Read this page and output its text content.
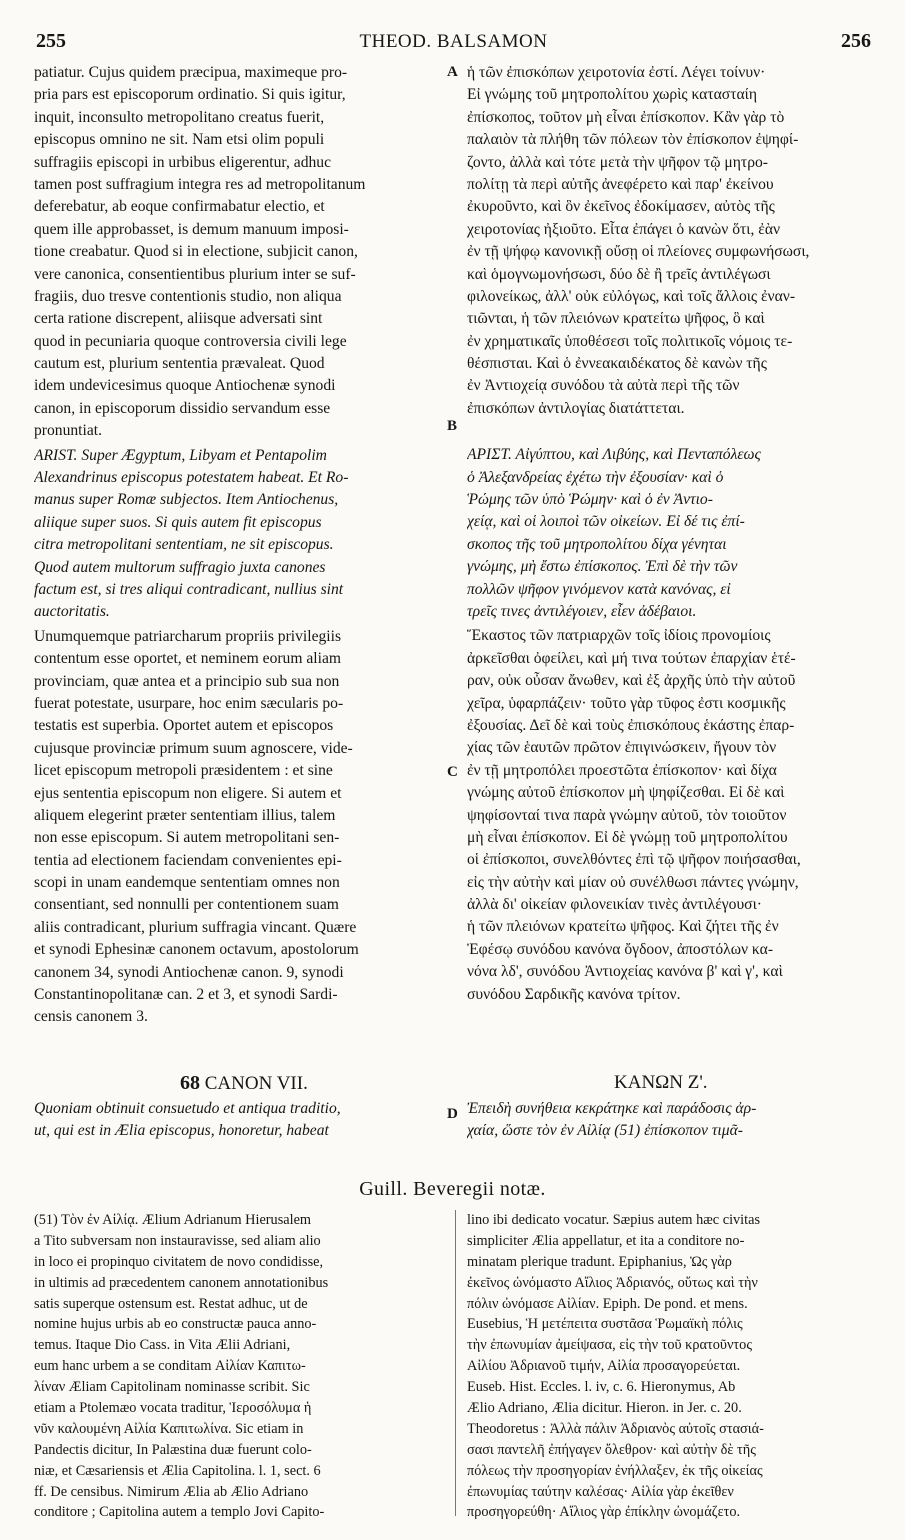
255	THEOD. BALSAMON	256
A
B
C
D
patiatur. Cujus quidem præcipua, maximeque pro-
pria pars est episcoporum ordinatio. Si quis igitur,
inquit, inconsulto metropolitano creatus fuerit,
episcopus omnino ne sit. Nam etsi olim populi
suffragiis episcopi in urbibus eligerentur, adhuc
tamen post suffragium integra res ad metropolitanum
deferebatur, ab eoque confirmabatur electio, et
quem ille approbasset, is demum manuum imposi-
tione creabatur. Quod si in electione, subjicit canon,
vere canonica, consentientibus plurium inter se suf-
fragiis, duo tresve contentionis studio, non aliqua
certa ratione discrepent, aliisque adversati sint
quod in pecuniaria quoque controversia civili lege
cautum est, plurium sententia prævaleat. Quod
idem undevicesimus quoque Antiochenæ synodi
canon, in episcoporum dissidio servandum esse
pronuntiat.
ARIST. Super Ægyptum, Libyam et Pentapolim
Alexandrinus episcopus potestatem habeat. Et Ro-
manus super Romæ subjectos. Item Antiochenus,
aliique super suos. Si quis autem fit episcopus
citra metropolitani sententiam, ne sit episcopus.
Quod autem multorum suffragio juxta canones
factum est, si tres aliqui contradicant, nullius sint
auctoritatis.
Unumquemque patriarcharum propriis privilegiis
contentum esse oportet, et neminem eorum aliam
provinciam, quæ antea et a principio sub sua non
fuerat potestate, usurpare, hoc enim sæcularis po-
testatis est superbia. Oportet autem et episcopos
cujusque provinciæ primum suum agnoscere, vide-
licet episcopum metropoli præsidentem : et sine
ejus sententia episcopum non eligere. Si autem et
aliquem elegerint præter sententiam illius, talem
non esse episcopum. Si autem metropolitani sen-
tentia ad electionem faciendam convenientes epi-
scopi in unam eandemque sententiam omnes non
consentiant, sed nonnulli per contentionem suam
aliis contradicant, plurium suffragia vincant. Quære
et synodi Ephesinæ canonem octavum, apostolorum
canonem 34, synodi Antiochenæ canon. 9, synodi
Constantinopolitanæ can. 2 et 3, et synodi Sardi-
censis canonem 3.
68 CANON VII.
Quoniam obtinuit consuetudo et antiqua traditio,
ut, qui est in Ælia episcopus, honoretur, habeat
ἡ τῶν ἐπισκόπων χειροτονία ἐστί. Λέγει τοίνυν·
Εἰ γνώμης τοῦ μητροπολίτου χωρὶς κατασταίη
ἐπίσκοπος, τοῦτον μὴ εἶναι ἐπίσκοπον. Κἂν γὰρ τὸ
παλαιὸν τὰ πλήθη τῶν πόλεων τὸν ἐπίσκοπον ἐψηφί-
ζοντο, ἀλλὰ καὶ τότε μετὰ τὴν ψῆφον τῷ μητρο-
πολίτῃ τὰ περὶ αὐτῆς ἀνεφέρετο καὶ παρ' ἐκείνου
ἐκυροῦντο, καὶ ὃν ἐκεῖνος ἐδοκίμασεν, αὐτὸς τῆς
χειροτονίας ἠξιοῦτο. Εἶτα ἐπάγει ὁ κανὼν ὅτι, ἐὰν
ἐν τῇ ψήφῳ κανονικῇ οὔσῃ οἱ πλείονες συμφωνήσωσι,
καὶ ὁμογνωμονήσωσι, δύο δὲ ἢ τρεῖς ἀντιλέγωσι
φιλονείκως, ἀλλ' οὐκ εὐλόγως, καὶ τοῖς ἄλλοις ἐναν-
τιῶνται, ἡ τῶν πλειόνων κρατείτω ψῆφος, ὃ καὶ
ἐν χρηματικαῖς ὑποθέσεσι τοῖς πολιτικοῖς νόμοις τε-
θέσπισται. Καὶ ὁ ἐννεακαιδέκατος δὲ κανὼν τῆς
ἐν Ἀντιοχείᾳ συνόδου τὰ αὐτὰ περὶ τῆς τῶν
ἐπισκόπων ἀντιλογίας διατάττεται.
ΑΡΙΣΤ. Αἰγύπτου, καὶ Λιβύης, καὶ Πενταπόλεως
ὁ Ἀλεξανδρείας ἐχέτω τὴν ἐξουσίαν· καὶ ὁ
Ῥώμης τῶν ὑπὸ Ῥώμην· καὶ ὁ ἐν Ἀντιο-
χείᾳ, καὶ οἱ λοιποὶ τῶν οἰκείων. Εἰ δέ τις ἐπί-
σκοπος τῆς τοῦ μητροπολίτου δίχα γένηται
γνώμης, μὴ ἔστω ἐπίσκοπος. Ἐπὶ δὲ τὴν τῶν
πολλῶν ψῆφον γινόμενον κατὰ κανόνας, εἰ
τρεῖς τινες ἀντιλέγοιεν, εἶεν ἀδέβαιοι.
Ἕκαστος τῶν πατριαρχῶν τοῖς ἰδίοις προνομίοις
ἀρκεῖσθαι ὀφείλει, καὶ μή τινα τούτων ἐπαρχίαν ἑτέ-
ραν, οὐκ οὖσαν ἄνωθεν, καὶ ἐξ ἀρχῆς ὑπὸ τὴν αὐτοῦ
χεῖρα, ὑφαρπάζειν· τοῦτο γὰρ τῦφος ἐστι κοσμικῆς
ἐξουσίας. Δεῖ δὲ καὶ τοὺς ἐπισκόπους ἑκάστης ἐπαρ-
χίας τῶν ἑαυτῶν πρῶτον ἐπιγινώσκειν, ἤγουν τὸν
ἐν τῇ μητροπόλει προεστῶτα ἐπίσκοπον· καὶ δίχα
γνώμης αὐτοῦ ἐπίσκοπον μὴ ψηφίζεσθαι. Εἰ δὲ καὶ
ψηφίσονταί τινα παρὰ γνώμην αὐτοῦ, τὸν τοιοῦτον
μὴ εἶναι ἐπίσκοπον. Εἰ δὲ γνώμῃ τοῦ μητροπολίτου
οἱ ἐπίσκοποι, συνελθόντες ἐπὶ τῷ ψῆφον ποιήσασθαι,
εἰς τὴν αὐτὴν καὶ μίαν οὐ συνέλθωσι πάντες γνώμην,
ἀλλὰ δι' οἰκείαν φιλονεικίαν τινὲς ἀντιλέγουσι·
ἡ τῶν πλειόνων κρατείτω ψῆφος. Καὶ ζήτει τῆς ἐν
Ἐφέσῳ συνόδου κανόνα ὄγδοον, ἀποστόλων κα-
νόνα λδ', συνόδου Ἀντιοχείας κανόνα β' καὶ γ', καὶ
συνόδου Σαρδικῆς κανόνα τρίτον.
ΚΑΝΩΝ Ζ'.
Ἐπειδὴ συνήθεια κεκράτηκε καὶ παράδοσις ἀρ-
χαία, ὥστε τὸν ἐν Αἰλίᾳ (51) ἐπίσκοπον τιμᾶ-
Guill. Beveregii notæ.
(51) Τὸν ἐν Αἰλίᾳ. Ælium Adrianum Hierusalem
a Tito subversam non instauravisse, sed aliam alio
in loco ei propinquo civitatem de novo condidisse,
in ultimis ad præcedentem canonem annotationibus
satis superque ostensum est. Restat adhuc, ut de
nomine hujus urbis ab eo constructæ pauca anno-
temus. Itaque Dio Cass. in Vita Ælii Adriani,
eum hanc urbem a se conditam Αἰλίαν Καπιτω-
λίναν Æliam Capitolinam nominasse scribit. Sic
etiam a Ptolemæo vocata traditur, Ἱεροσόλυμα ἡ
νῦν καλουμένη Αἰλία Καπιτωλίνα. Sic etiam in
Pandectis dicitur, In Palæstina duæ fuerunt colo-
niæ, et Cæsariensis et Ælia Capitolina. l. 1, sect. 6
ff. De censibus. Nimirum Ælia ab Ælio Adriano
conditore ; Capitolina autem a templo Jovi Capito-
lino ibi dedicato vocatur. Sæpius autem hæc civitas
simpliciter Ælia appellatur, et ita a conditore no-
minatam plerique tradunt. Epiphanius, Ὡς γὰρ
ἐκεῖνος ὠνόμαστο Αἴλιος Ἀδριανός, οὕτως καὶ τὴν
πόλιν ὠνόμασε Αἰλίαν. Epiph. De pond. et mens.
Eusebius, Ἡ μετέπειτα συστᾶσα Ῥωμαϊκὴ πόλις
τὴν ἐπωνυμίαν ἀμείψασα, εἰς τὴν τοῦ κρατοῦντος
Αἰλίου Ἀδριανοῦ τιμήν, Αἰλία προσαγορεύεται.
Euseb. Hist. Eccles. l. iv, c. 6. Hieronymus, Ab
Ælio Adriano, Ælia dicitur. Hieron. in Jer. c. 20.
Theodoretus : Ἀλλὰ πάλιν Ἀδριανὸς αὐτοῖς στασιά-
σασι παντελῆ ἐπήγαγεν ὄλεθρον· καὶ αὐτὴν δὲ τῆς
πόλεως τὴν προσηγορίαν ἐνήλλαξεν, ἐκ τῆς οἰκείας
ἐπωνυμίας ταύτην καλέσας· Αἰλία γὰρ ἐκεῖθεν
προσηγορεύθη· Αἴλιος γὰρ ἐπίκλην ὠνομάζετο.
